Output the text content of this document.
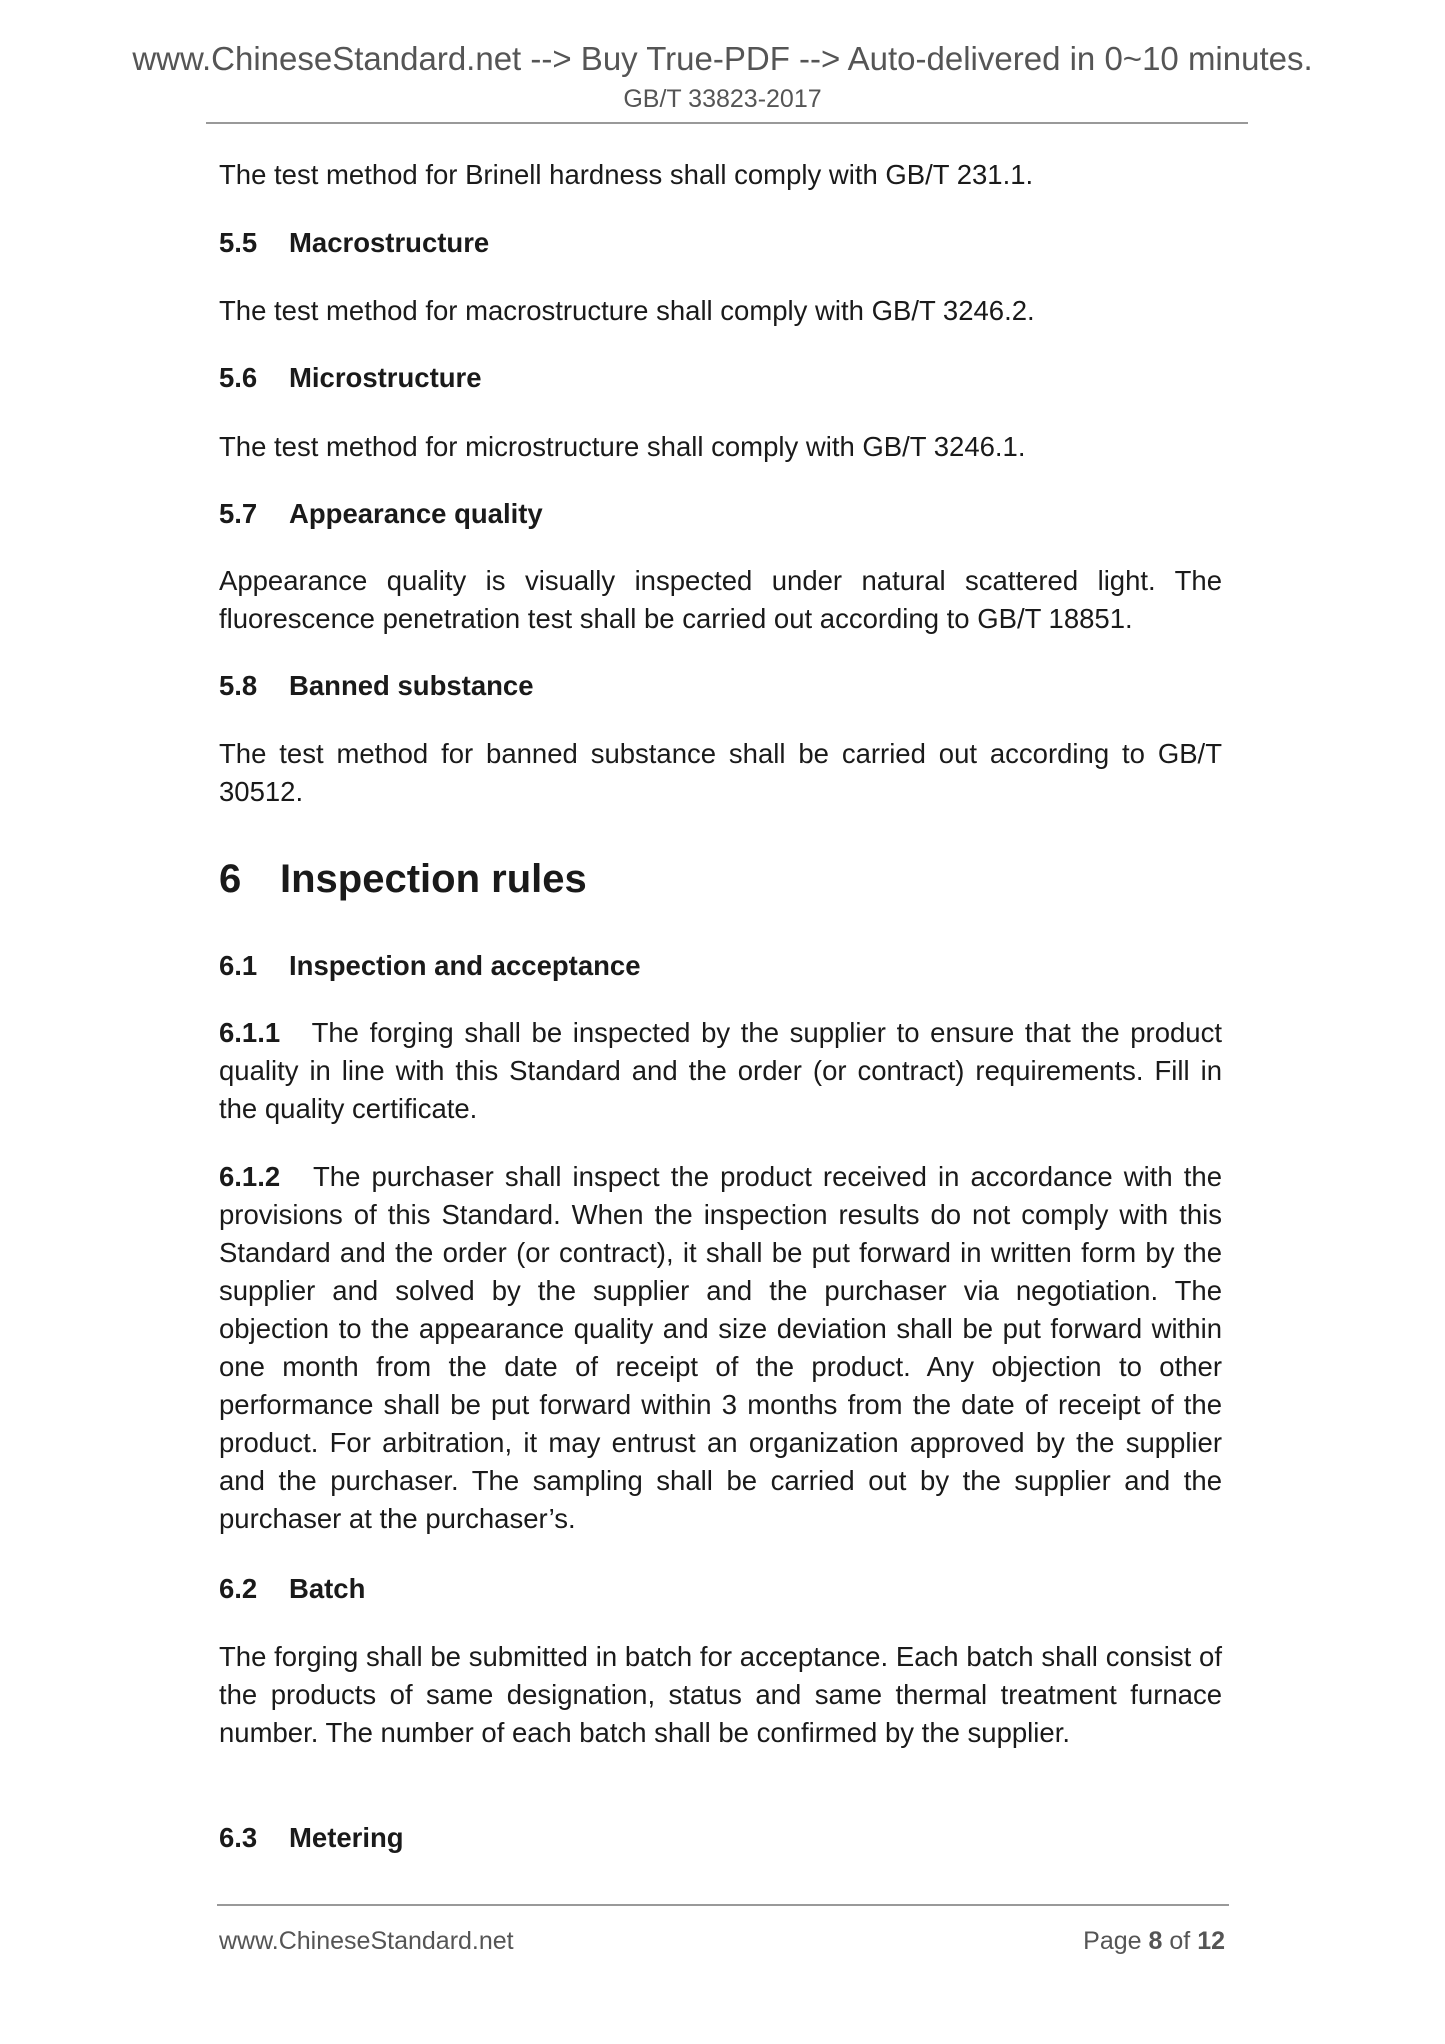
www.ChineseStandard.net --> Buy True-PDF --> Auto-delivered in 0~10 minutes.
GB/T 33823-2017
The test method for Brinell hardness shall comply with GB/T 231.1.
5.5 Macrostructure
The test method for macrostructure shall comply with GB/T 3246.2.
5.6 Microstructure
The test method for microstructure shall comply with GB/T 3246.1.
5.7 Appearance quality
Appearance quality is visually inspected under natural scattered light. The fluorescence penetration test shall be carried out according to GB/T 18851.
5.8 Banned substance
The test method for banned substance shall be carried out according to GB/T 30512.
6 Inspection rules
6.1 Inspection and acceptance
6.1.1 The forging shall be inspected by the supplier to ensure that the product quality in line with this Standard and the order (or contract) requirements. Fill in the quality certificate.
6.1.2 The purchaser shall inspect the product received in accordance with the provisions of this Standard. When the inspection results do not comply with this Standard and the order (or contract), it shall be put forward in written form by the supplier and solved by the supplier and the purchaser via negotiation. The objection to the appearance quality and size deviation shall be put forward within one month from the date of receipt of the product. Any objection to other performance shall be put forward within 3 months from the date of receipt of the product. For arbitration, it may entrust an organization approved by the supplier and the purchaser. The sampling shall be carried out by the supplier and the purchaser at the purchaser’s.
6.2 Batch
The forging shall be submitted in batch for acceptance. Each batch shall consist of the products of same designation, status and same thermal treatment furnace number. The number of each batch shall be confirmed by the supplier.
6.3 Metering
www.ChineseStandard.net	Page 8 of 12
